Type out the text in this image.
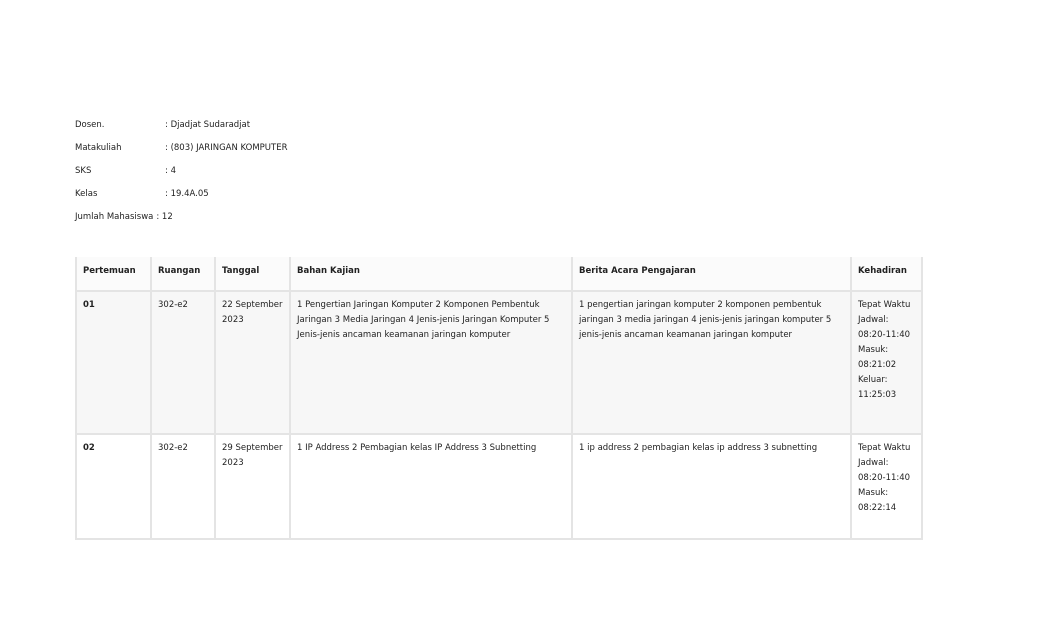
Dosen.	: Djadjat Sudaradjat
Matakuliah	: (803) JARINGAN KOMPUTER
SKS	: 4
Kelas	: 19.4A.05
Jumlah Mahasiswa : 12
Pertemuan	Ruangan	Tanggal	Bahan Kajian	Berita Acara Pengajaran	Kehadiran
01	302-e2	22 September 2023	1 Pengertian Jaringan Komputer 2 Komponen Pembentuk Jaringan 3 Media Jaringan 4 Jenis-jenis Jaringan Komputer 5 Jenis-jenis ancaman keamanan jaringan komputer	1 pengertian jaringan komputer 2 komponen pembentuk jaringan 3 media jaringan 4 jenis-jenis jaringan komputer 5 jenis-jenis ancaman keamanan jaringan komputer	Tepat Waktu
Jadwal: 08:20-11:40
Masuk: 08:21:02
Keluar: 11:25:03

02	302-e2	29 September 2023	1 IP Address 2 Pembagian kelas IP Address 3 Subnetting	1 ip address 2 pembagian kelas ip address 3 subnetting	Tepat Waktu
Jadwal: 08:20-11:40
Masuk: 08:22:14
